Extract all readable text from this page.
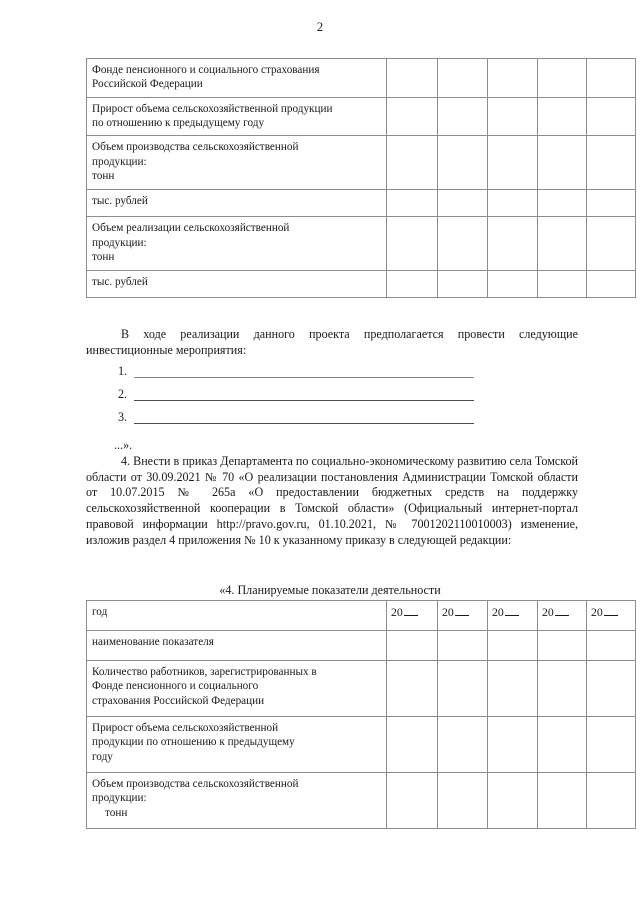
2
Фонде пенсионного и социального страхования
Российской Федерации					

Прирост объема сельскохозяйственной продукции
по отношению к предыдущему году					

Объем производства сельскохозяйственной
продукции:
тонн					

тыс. рублей					

Объем реализации сельскохозяйственной
продукции:
тонн					

тыс. рублей					

В ходе реализации данного проекта предполагается провести следующие инвестиционные мероприятия:
1.
2.
3.
...».
4. Внести в приказ Департамента по социально-экономическому развитию села Томской области от 30.09.2021 № 70 «О реализации постановления Администрации Томской области от 10.07.2015 № 265а «О предоставлении бюджетных средств на поддержку сельскохозяйственной кооперации в Томской области» (Официальный интернет-портал правовой информации http://pravo.gov.ru, 01.10.2021, № 7001202110010003) изменение, изложив раздел 4 приложения № 10 к указанному приказу в следующей редакции:
«4. Планируемые показатели деятельности
год	20	20	20	20	20

наименование показателя					

Количество работников, зарегистрированных в
Фонде пенсионного и социального
страхования Российской Федерации					

Прирост объема сельскохозяйственной
продукции по отношению к предыдущему
году					

Объем производства сельскохозяйственной
продукции:
тонн					
